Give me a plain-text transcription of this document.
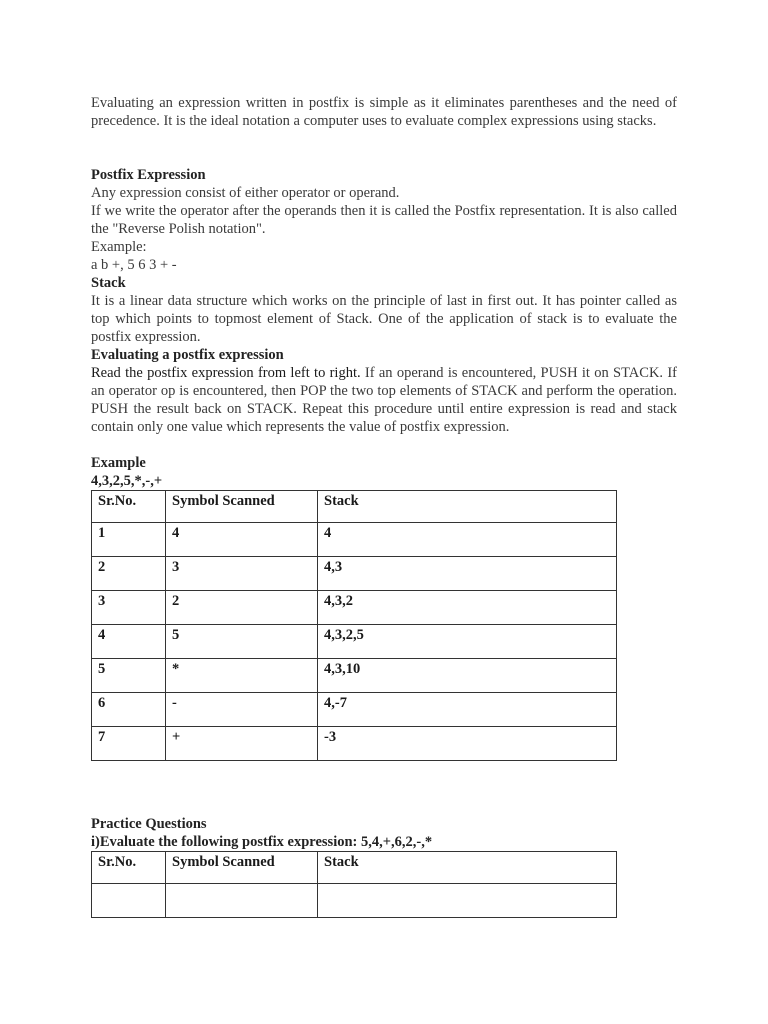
Evaluating an expression written in postfix is simple as it eliminates parentheses and the need of precedence. It is the ideal notation a computer uses to evaluate complex expressions using stacks.

Postfix Expression

Any expression consist of either operator or operand.

If we write the operator after the operands then it is called the Postfix representation. It is also called the "Reverse Polish notation".

Example:

a b +, 5 6 3 + -

Stack

It is a linear data structure which works on the principle of last in first out. It has pointer called as top which points to topmost element of Stack. One of the application of stack is to evaluate the postfix expression.

Evaluating a postfix expression

Read the postfix expression from left to right. If an operand is encountered, PUSH it on STACK. If an operator op is encountered, then POP the two top elements of STACK and perform the operation. PUSH the result back on STACK. Repeat this procedure until entire expression is read and stack contain only one value which represents the value of postfix expression.

Example

4,3,2,5,*,-,+

Sr.No.	Symbol Scanned	Stack
1	4	4
2	3	4,3
3	2	4,3,2
4	5	4,3,2,5
5	*	4,3,10
6	-	4,-7
7	+	-3

Practice Questions

i)Evaluate the following postfix expression: 5,4,+,6,2,-,*

Sr.No.	Symbol Scanned	Stack
